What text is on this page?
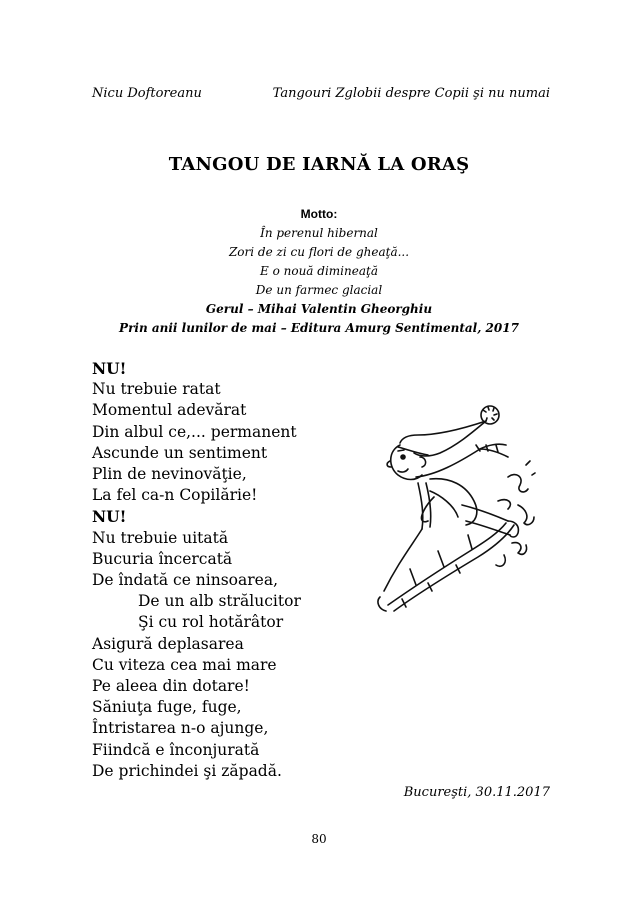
Nicu Doftoreanu	Tangouri Zglobii despre Copii şi nu numai
TANGOU DE IARNĂ LA ORAŞ
Motto:
În perenul hibernal
Zori de zi cu flori de gheaţă...
E o nouă dimineaţă
De un farmec glacial
Gerul – Mihai Valentin Gheorghiu
Prin anii lunilor de mai – Editura Amurg Sentimental, 2017
NU!
Nu trebuie ratat
Momentul adevărat
Din albul ce,... permanent
Ascunde un sentiment
Plin de nevinovăţie,
La fel ca-n Copilărie!
NU!
Nu trebuie uitată
Bucuria încercată
De îndată ce ninsoarea,
De un alb strălucitor
Şi cu rol hotărâtor
Asigură deplasarea
Cu viteza cea mai mare
Pe aleea din dotare!
Săniuţa fuge, fuge,
Întristarea n-o ajunge,
Fiindcă e înconjurată
De prichindei şi zăpadă.
Bucureşti, 30.11.2017
80
